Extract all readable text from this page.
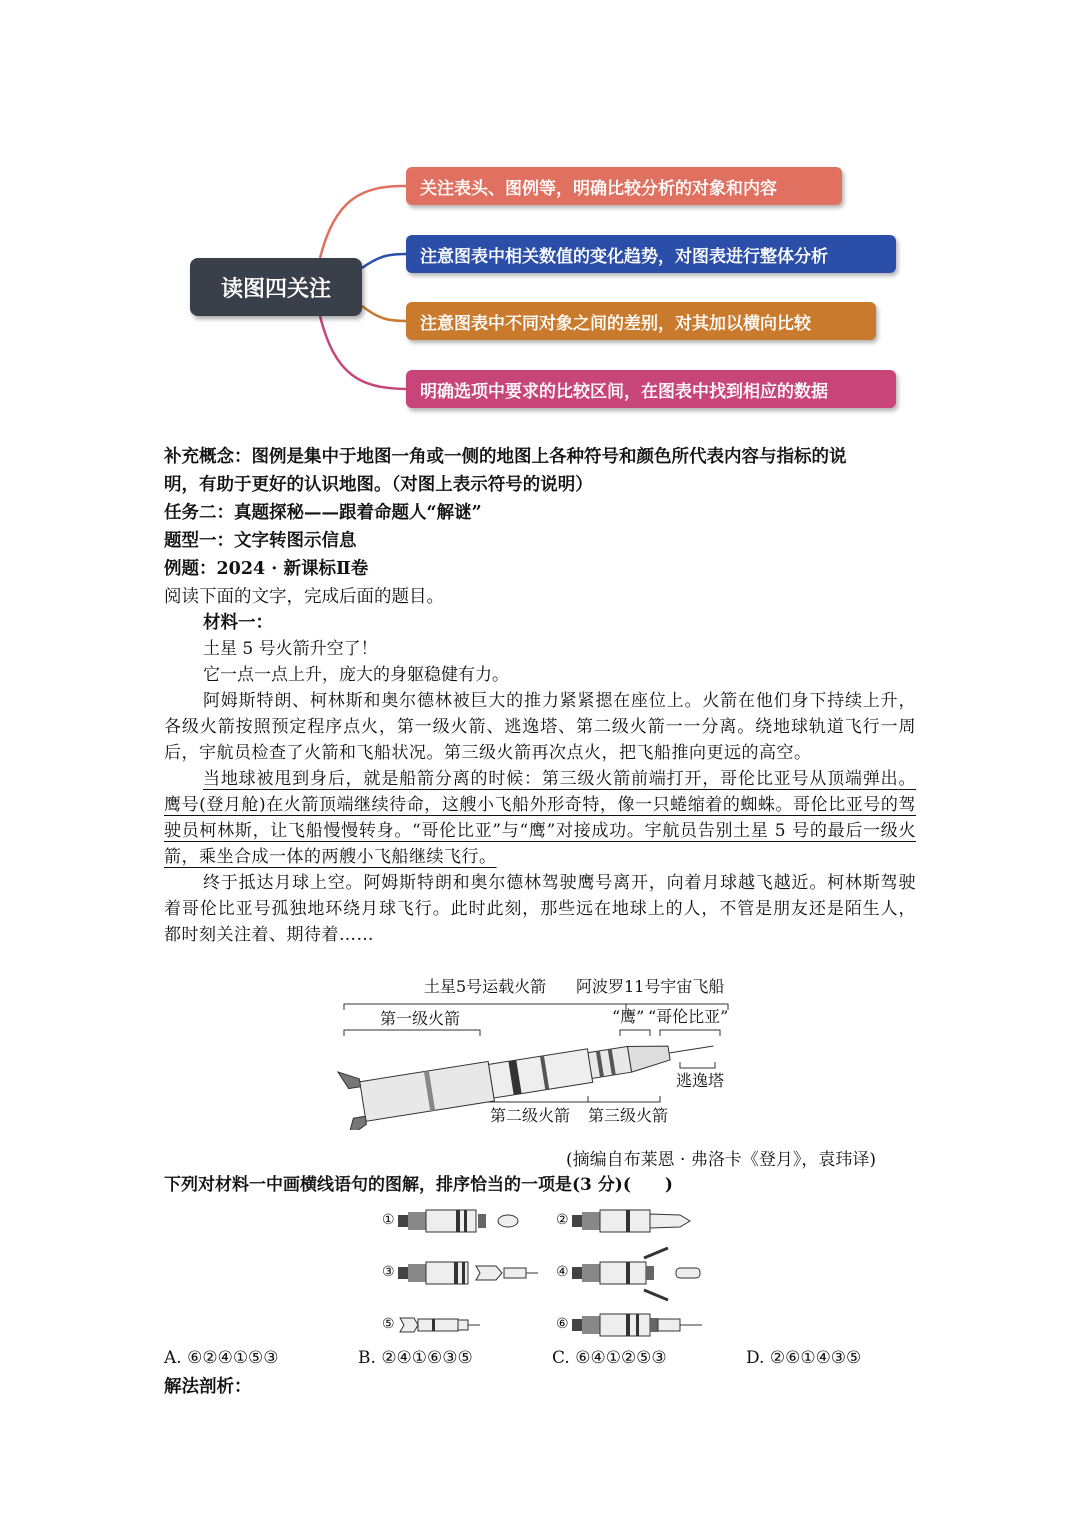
读图四关注
关注表头、图例等，明确比较分析的对象和内容
注意图表中相关数值的变化趋势，对图表进行整体分析
注意图表中不同对象之间的差别，对其加以横向比较
明确选项中要求的比较区间，在图表中找到相应的数据
补充概念：图例是集中于地图一角或一侧的地图上各种符号和颜色所代表内容与指标的说
明，有助于更好的认识地图。（对图上表示符号的说明）
任务二：真题探秘——跟着命题人“解谜”
题型一：文字转图示信息
例题：2024 · 新课标Ⅱ卷
阅读下面的文字，完成后面的题目。
材料一：
土星 5 号火箭升空了！
它一点一点上升，庞大的身躯稳健有力。
阿姆斯特朗、柯林斯和奥尔德林被巨大的推力紧紧摁在座位上。火箭在他们身下持续上升，各级火箭按照预定程序点火，第一级火箭、逃逸塔、第二级火箭一一分离。绕地球轨道飞行一周后，宇航员检查了火箭和飞船状况。第三级火箭再次点火，把飞船推向更远的高空。
当地球被甩到身后，就是船箭分离的时候：第三级火箭前端打开，哥伦比亚号从顶端弹出。鹰号(登月舱)在火箭顶端继续待命，这艘小飞船外形奇特，像一只蜷缩着的蜘蛛。哥伦比亚号的驾驶员柯林斯，让飞船慢慢转身。“哥伦比亚”与“鹰”对接成功。宇航员告别土星 5 号的最后一级火箭，乘坐合成一体的两艘小飞船继续飞行。
终于抵达月球上空。阿姆斯特朗和奥尔德林驾驶鹰号离开，向着月球越飞越近。柯林斯驾驶着哥伦比亚号孤独地环绕月球飞行。此时此刻，那些远在地球上的人，不管是朋友还是陌生人，都时刻关注着、期待着……
土星5号运载火箭 阿波罗11号宇宙飞船
第一级火箭	“鹰” “哥伦比亚”
逃逸塔
第二级火箭 第三级火箭
(摘编自布莱恩 · 弗洛卡《登月》，袁玮译)
下列对材料一中画横线语句的图解，排序恰当的一项是(3 分)(　　)
①	②
③	④
⑤	⑥
A. ⑥②④①⑤③	B. ②④①⑥③⑤	C. ⑥④①②⑤③	D. ②⑥①④③⑤
解法剖析：
